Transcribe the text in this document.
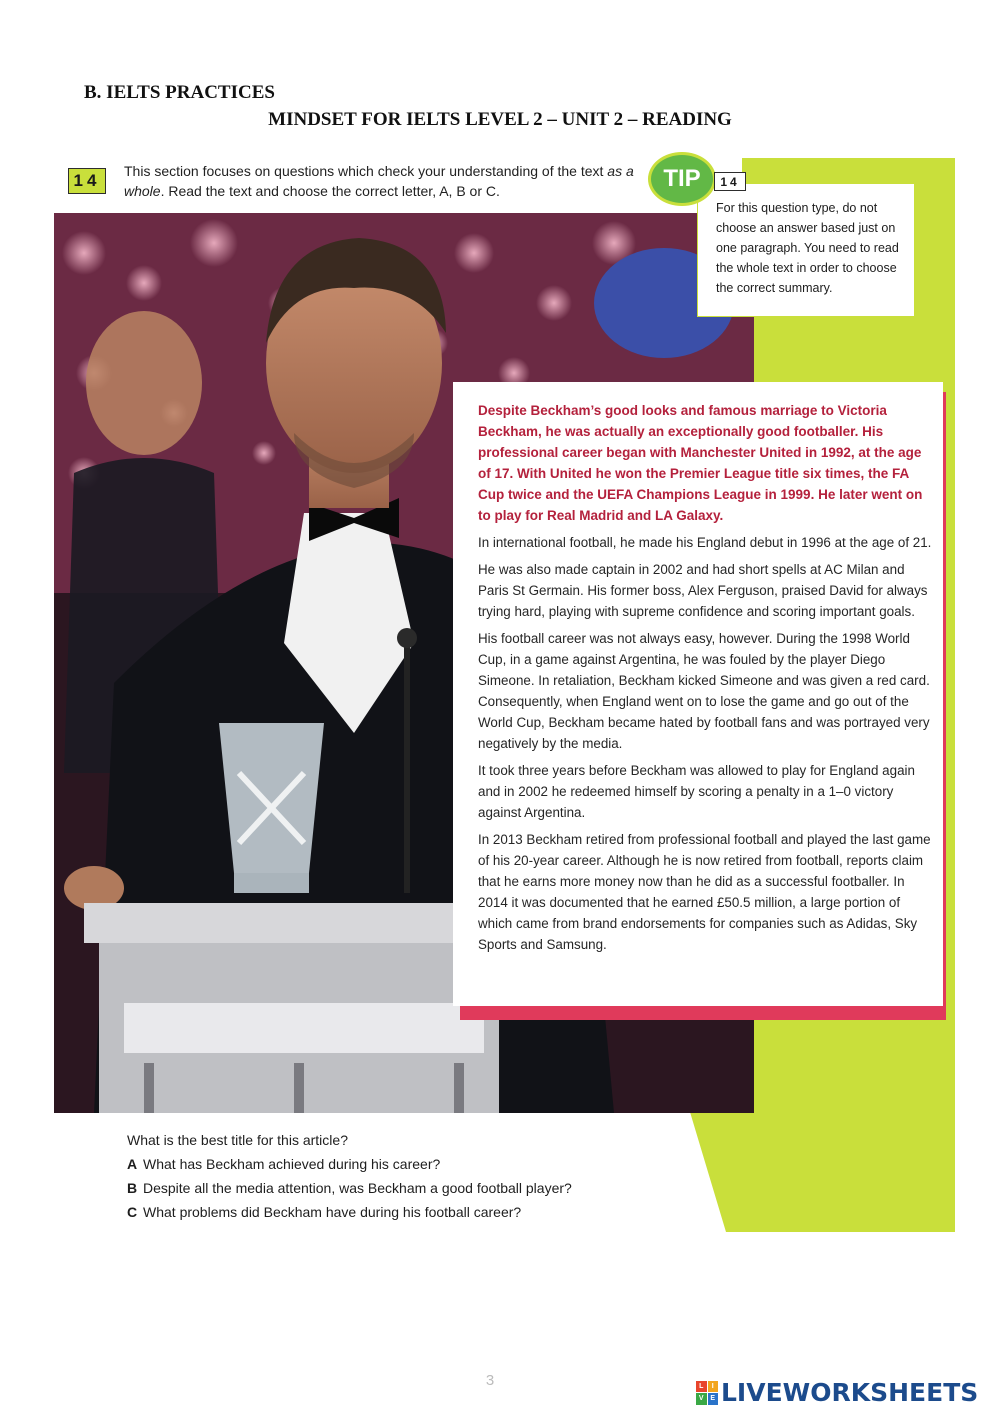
B. IELTS PRACTICES
MINDSET FOR IELTS LEVEL 2 – UNIT 2 – READING
14	This section focuses on questions which check your understanding of the text as a whole. Read the text and choose the correct letter, A, B or C.	TIP	14
For this question type, do not choose an answer based just on one paragraph. You need to read the whole text in order to choose the correct summary.

Despite Beckham’s good looks and famous marriage to Victoria Beckham, he was actually an exceptionally good footballer. His professional career began with Manchester United in 1992, at the age of 17. With United he won the Premier League title six times, the FA Cup twice and the UEFA Champions League in 1999. He later went on to play for Real Madrid and LA Galaxy.

In international football, he made his England debut in 1996 at the age of 21.

He was also made captain in 2002 and had short spells at AC Milan and Paris St Germain. His former boss, Alex Ferguson, praised David for always trying hard, playing with supreme confidence and scoring important goals.

His football career was not always easy, however. During the 1998 World Cup, in a game against Argentina, he was fouled by the player Diego Simeone. In retaliation, Beckham kicked Simeone and was given a red card. Consequently, when England went on to lose the game and go out of the World Cup, Beckham became hated by football fans and was portrayed very negatively by the media.

It took three years before Beckham was allowed to play for England again and in 2002 he redeemed himself by scoring a penalty in a 1–0 victory against Argentina.

In 2013 Beckham retired from professional football and played the last game of his 20-year career. Although he is now retired from football, reports claim that he earns more money now than he did as a successful footballer. In 2014 it was documented that he earned £50.5 million, a large portion of which came from brand endorsements for companies such as Adidas, Sky Sports and Samsung.

What is the best title for this article?
A What has Beckham achieved during his career?
B Despite all the media attention, was Beckham a good football player?
C What problems did Beckham have during his football career?
3	L	I
V E LIVEWORKSHEETS
